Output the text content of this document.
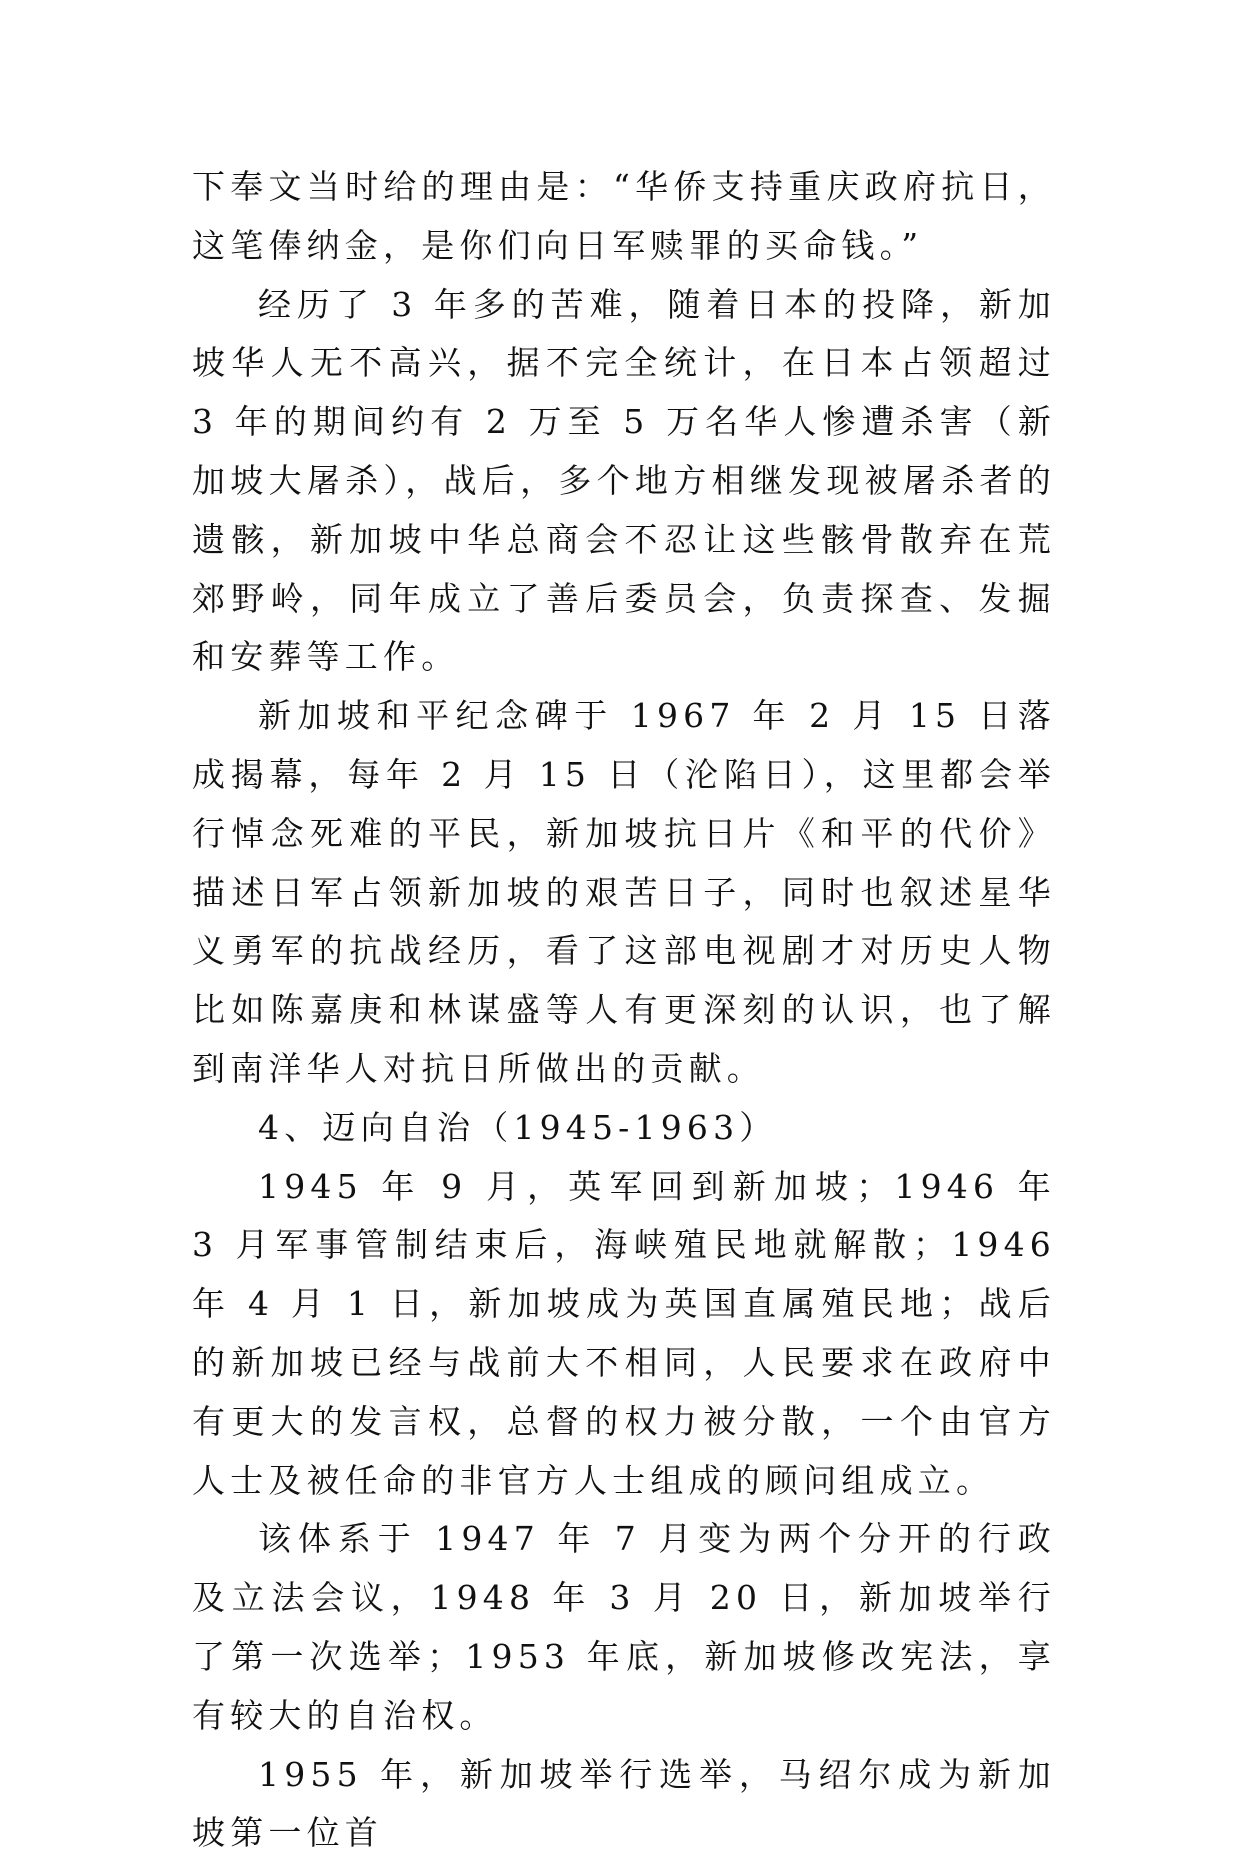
下奉文当时给的理由是：“华侨支持重庆政府抗日，这笔俸纳金，是你们向日军赎罪的买命钱。”

经历了 3 年多的苦难，随着日本的投降，新加坡华人无不高兴，据不完全统计，在日本占领超过 3 年的期间约有 2 万至 5 万名华人惨遭杀害（新加坡大屠杀），战后，多个地方相继发现被屠杀者的遗骸，新加坡中华总商会不忍让这些骸骨散弃在荒郊野岭，同年成立了善后委员会，负责探查、发掘和安葬等工作。

新加坡和平纪念碑于 1967 年 2 月 15 日落成揭幕，每年 2 月 15 日（沦陷日），这里都会举行悼念死难的平民，新加坡抗日片《和平的代价》描述日军占领新加坡的艰苦日子，同时也叙述星华义勇军的抗战经历，看了这部电视剧才对历史人物比如陈嘉庚和林谋盛等人有更深刻的认识，也了解到南洋华人对抗日所做出的贡献。

4、迈向自治（1945-1963）

1945 年 9 月，英军回到新加坡；1946 年 3 月军事管制结束后，海峡殖民地就解散；1946 年 4 月 1 日，新加坡成为英国直属殖民地；战后的新加坡已经与战前大不相同，人民要求在政府中有更大的发言权，总督的权力被分散，一个由官方人士及被任命的非官方人士组成的顾问组成立。

该体系于 1947 年 7 月变为两个分开的行政及立法会议，1948 年 3 月 20 日，新加坡举行了第一次选举；1953 年底，新加坡修改宪法，享有较大的自治权。

1955 年，新加坡举行选举，马绍尔成为新加坡第一位首
